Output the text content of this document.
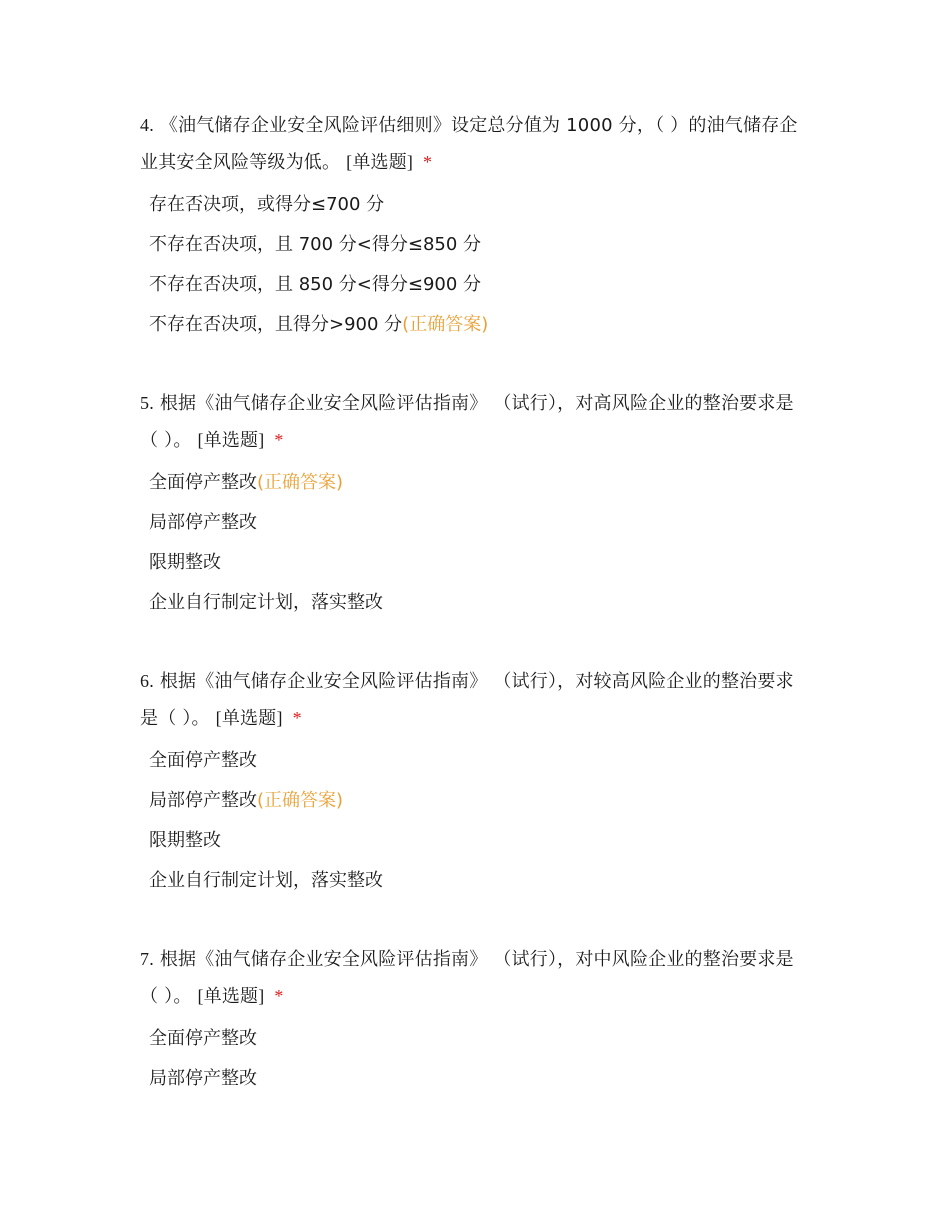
4. 《油气储存企业安全风险评估细则》设定总分值为 1000 分，（ ）的油气储存企业其安全风险等级为低。 [单选题] *

存在否决项，或得分≤700 分
不存在否决项，且 700 分<得分≤850 分
不存在否决项，且 850 分<得分≤900 分
不存在否决项，且得分>900 分(正确答案)

5. 根据《油气储存企业安全风险评估指南》 （试行），对高风险企业的整治要求是（ ）。 [单选题] *

全面停产整改(正确答案)
局部停产整改
限期整改
企业自行制定计划，落实整改

6. 根据《油气储存企业安全风险评估指南》 （试行），对较高风险企业的整治要求是（ ）。 [单选题] *

全面停产整改
局部停产整改(正确答案)
限期整改
企业自行制定计划，落实整改

7. 根据《油气储存企业安全风险评估指南》 （试行），对中风险企业的整治要求是（ ）。 [单选题] *

全面停产整改
局部停产整改
